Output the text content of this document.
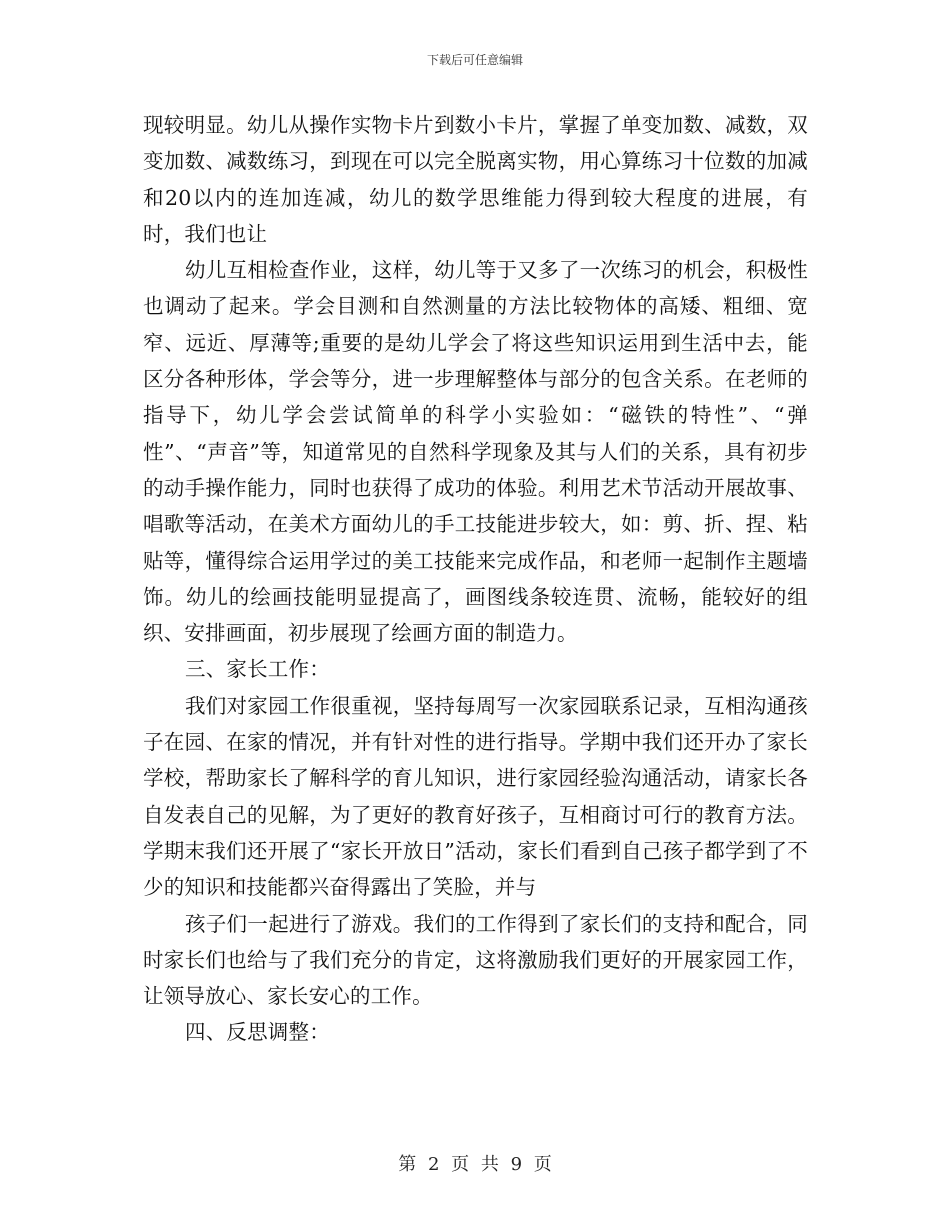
下载后可任意编辑

现较明显。幼儿从操作实物卡片到数小卡片，掌握了单变加数、减数，双变加数、减数练习，到现在可以完全脱离实物，用心算练习十位数的加减和20以内的连加连减，幼儿的数学思维能力得到较大程度的进展，有时，我们也让

幼儿互相检查作业，这样，幼儿等于又多了一次练习的机会，积极性也调动了起来。学会目测和自然测量的方法比较物体的高矮、粗细、宽窄、远近、厚薄等;重要的是幼儿学会了将这些知识运用到生活中去，能区分各种形体，学会等分，进一步理解整体与部分的包含关系。在老师的指导下，幼儿学会尝试简单的科学小实验如：“磁铁的特性”、“弹性”、“声音”等，知道常见的自然科学现象及其与人们的关系，具有初步的动手操作能力，同时也获得了成功的体验。利用艺术节活动开展故事、唱歌等活动，在美术方面幼儿的手工技能进步较大，如：剪、折、捏、粘贴等，懂得综合运用学过的美工技能来完成作品，和老师一起制作主题墙饰。幼儿的绘画技能明显提高了，画图线条较连贯、流畅，能较好的组织、安排画面，初步展现了绘画方面的制造力。

三、家长工作：

我们对家园工作很重视，坚持每周写一次家园联系记录，互相沟通孩子在园、在家的情况，并有针对性的进行指导。学期中我们还开办了家长学校，帮助家长了解科学的育儿知识，进行家园经验沟通活动，请家长各自发表自己的见解，为了更好的教育好孩子，互相商讨可行的教育方法。学期末我们还开展了“家长开放日”活动，家长们看到自己孩子都学到了不少的知识和技能都兴奋得露出了笑脸，并与

孩子们一起进行了游戏。我们的工作得到了家长们的支持和配合，同时家长们也给与了我们充分的肯定，这将激励我们更好的开展家园工作，让领导放心、家长安心的工作。

四、反思调整：

第 2 页 共 9 页
